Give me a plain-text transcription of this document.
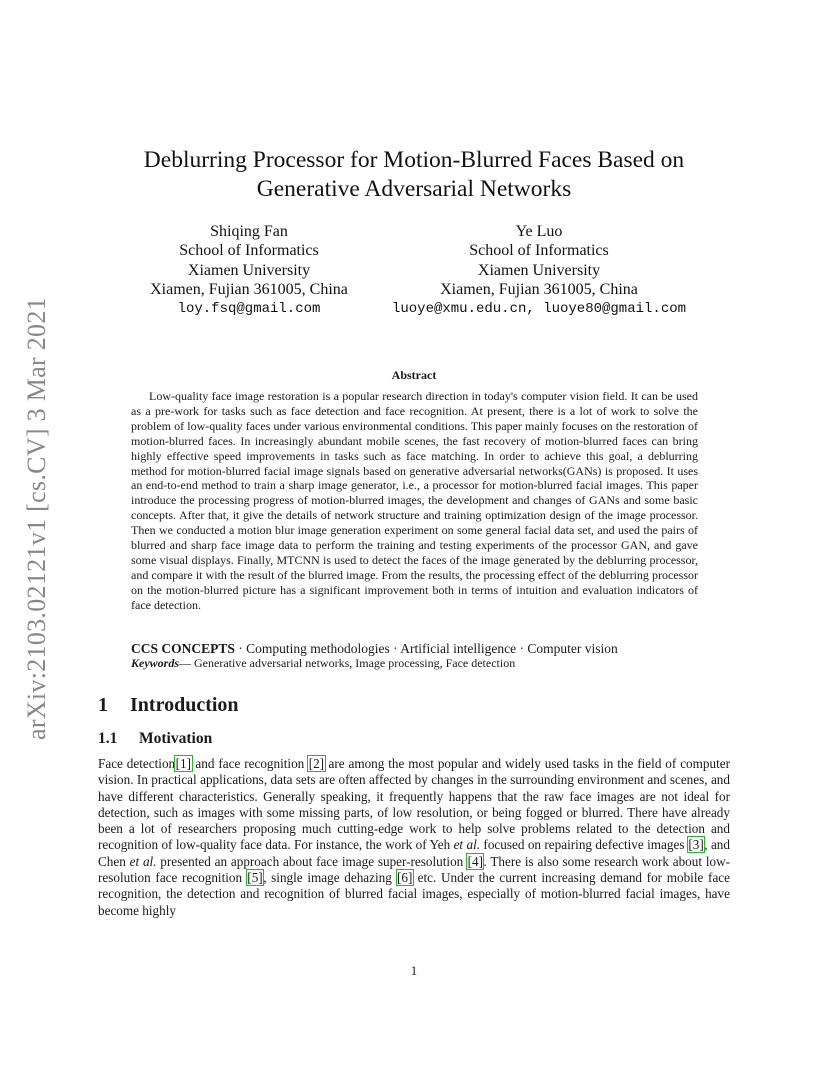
arXiv:2103.02121v1 [cs.CV] 3 Mar 2021
Deblurring Processor for Motion-Blurred Faces Based on Generative Adversarial Networks
Shiqing Fan
School of Informatics
Xiamen University
Xiamen, Fujian 361005, China
loy.fsq@gmail.com
Ye Luo
School of Informatics
Xiamen University
Xiamen, Fujian 361005, China
luoye@xmu.edu.cn, luoye80@gmail.com
Abstract

Low-quality face image restoration is a popular research direction in today's computer vision field. It can be used as a pre-work for tasks such as face detection and face recognition. At present, there is a lot of work to solve the problem of low-quality faces under various environmental conditions. This paper mainly focuses on the restoration of motion-blurred faces. In increasingly abundant mobile scenes, the fast recovery of motion-blurred faces can bring highly effective speed improvements in tasks such as face matching. In order to achieve this goal, a deblurring method for motion-blurred facial image signals based on generative adversarial networks(GANs) is proposed. It uses an end-to-end method to train a sharp image generator, i.e., a processor for motion-blurred facial images. This paper introduce the processing progress of motion-blurred images, the development and changes of GANs and some basic concepts. After that, it give the details of network structure and training optimization design of the image processor. Then we conducted a motion blur image generation experiment on some general facial data set, and used the pairs of blurred and sharp face image data to perform the training and testing experiments of the processor GAN, and gave some visual displays. Finally, MTCNN is used to detect the faces of the image generated by the deblurring processor, and compare it with the result of the blurred image. From the results, the processing effect of the deblurring processor on the motion-blurred picture has a significant improvement both in terms of intuition and evaluation indicators of face detection.

CCS CONCEPTS · Computing methodologies · Artificial intelligence · Computer vision
Keywords— Generative adversarial networks, Image processing, Face detection
1 Introduction
1.1 Motivation

Face detection[1] and face recognition [2] are among the most popular and widely used tasks in the field of computer vision. In practical applications, data sets are often affected by changes in the surrounding environment and scenes, and have different characteristics. Generally speaking, it frequently happens that the raw face images are not ideal for detection, such as images with some missing parts, of low resolution, or being fogged or blurred. There have already been a lot of researchers proposing much cutting-edge work to help solve problems related to the detection and recognition of low-quality face data. For instance, the work of Yeh et al. focused on repairing defective images [3], and Chen et al. presented an approach about face image super-resolution [4]. There is also some research work about low-resolution face recognition [5], single image dehazing [6] etc. Under the current increasing demand for mobile face recognition, the detection and recognition of blurred facial images, especially of motion-blurred facial images, have become highly

1
